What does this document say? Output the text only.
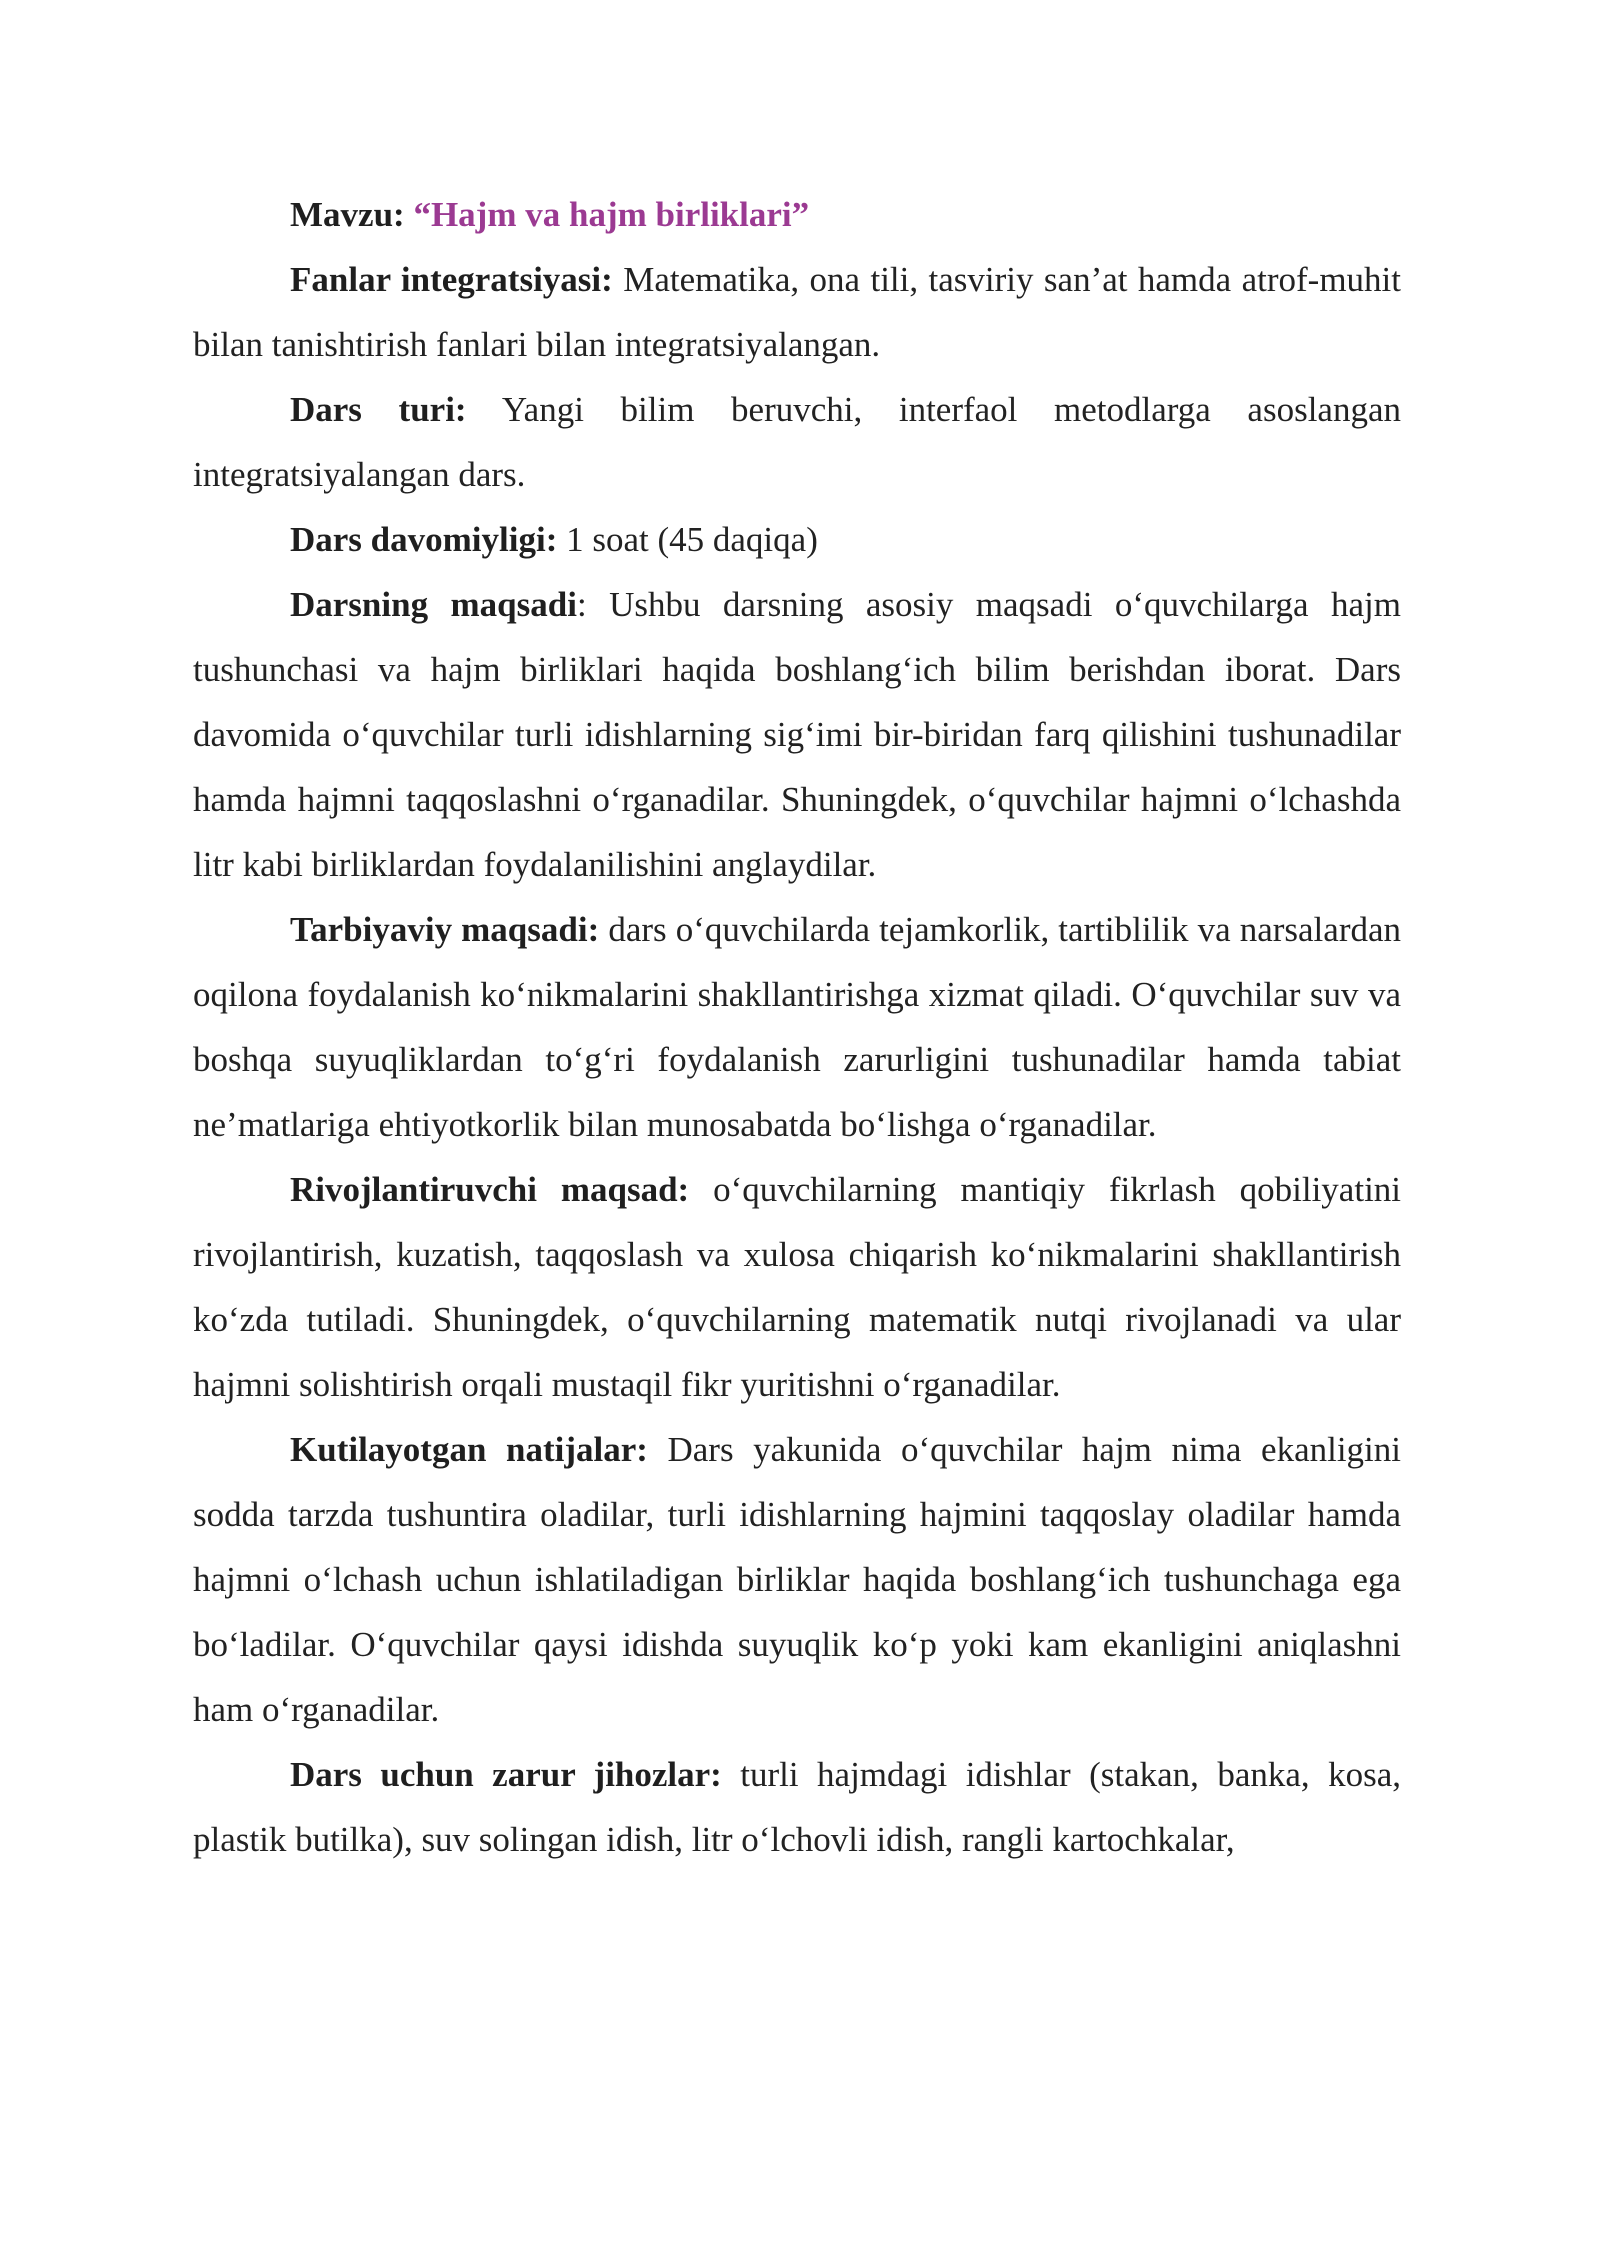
Mavzu: “Hajm va hajm birliklari”

Fanlar integratsiyasi: Matematika, ona tili, tasviriy san’at hamda atrof-muhit bilan tanishtirish fanlari bilan integratsiyalangan.

Dars turi: Yangi bilim beruvchi, interfaol metodlarga asoslangan integratsiyalangan dars.

Dars davomiyligi: 1 soat (45 daqiqa)

Darsning maqsadi: Ushbu darsning asosiy maqsadi o‘quvchilarga hajm tushunchasi va hajm birliklari haqida boshlang‘ich bilim berishdan iborat. Dars davomida o‘quvchilar turli idishlarning sig‘imi bir-biridan farq qilishini tushunadilar hamda hajmni taqqoslashni o‘rganadilar. Shuningdek, o‘quvchilar hajmni o‘lchashda litr kabi birliklardan foydalanilishini anglaydilar.

Tarbiyaviy maqsadi: dars o‘quvchilarda tejamkorlik, tartiblilik va narsalardan oqilona foydalanish ko‘nikmalarini shakllantirishga xizmat qiladi. O‘quvchilar suv va boshqa suyuqliklardan to‘g‘ri foydalanish zarurligini tushunadilar hamda tabiat ne’matlariga ehtiyotkorlik bilan munosabatda bo‘lishga o‘rganadilar.

Rivojlantiruvchi maqsad: o‘quvchilarning mantiqiy fikrlash qobiliyatini rivojlantirish, kuzatish, taqqoslash va xulosa chiqarish ko‘nikmalarini shakllantirish ko‘zda tutiladi. Shuningdek, o‘quvchilarning matematik nutqi rivojlanadi va ular hajmni solishtirish orqali mustaqil fikr yuritishni o‘rganadilar.

Kutilayotgan natijalar: Dars yakunida o‘quvchilar hajm nima ekanligini sodda tarzda tushuntira oladilar, turli idishlarning hajmini taqqoslay oladilar hamda hajmni o‘lchash uchun ishlatiladigan birliklar haqida boshlang‘ich tushunchaga ega bo‘ladilar. O‘quvchilar qaysi idishda suyuqlik ko‘p yoki kam ekanligini aniqlashni ham o‘rganadilar.

Dars uchun zarur jihozlar: turli hajmdagi idishlar (stakan, banka, kosa, plastik butilka), suv solingan idish, litr o‘lchovli idish, rangli kartochkalar,
